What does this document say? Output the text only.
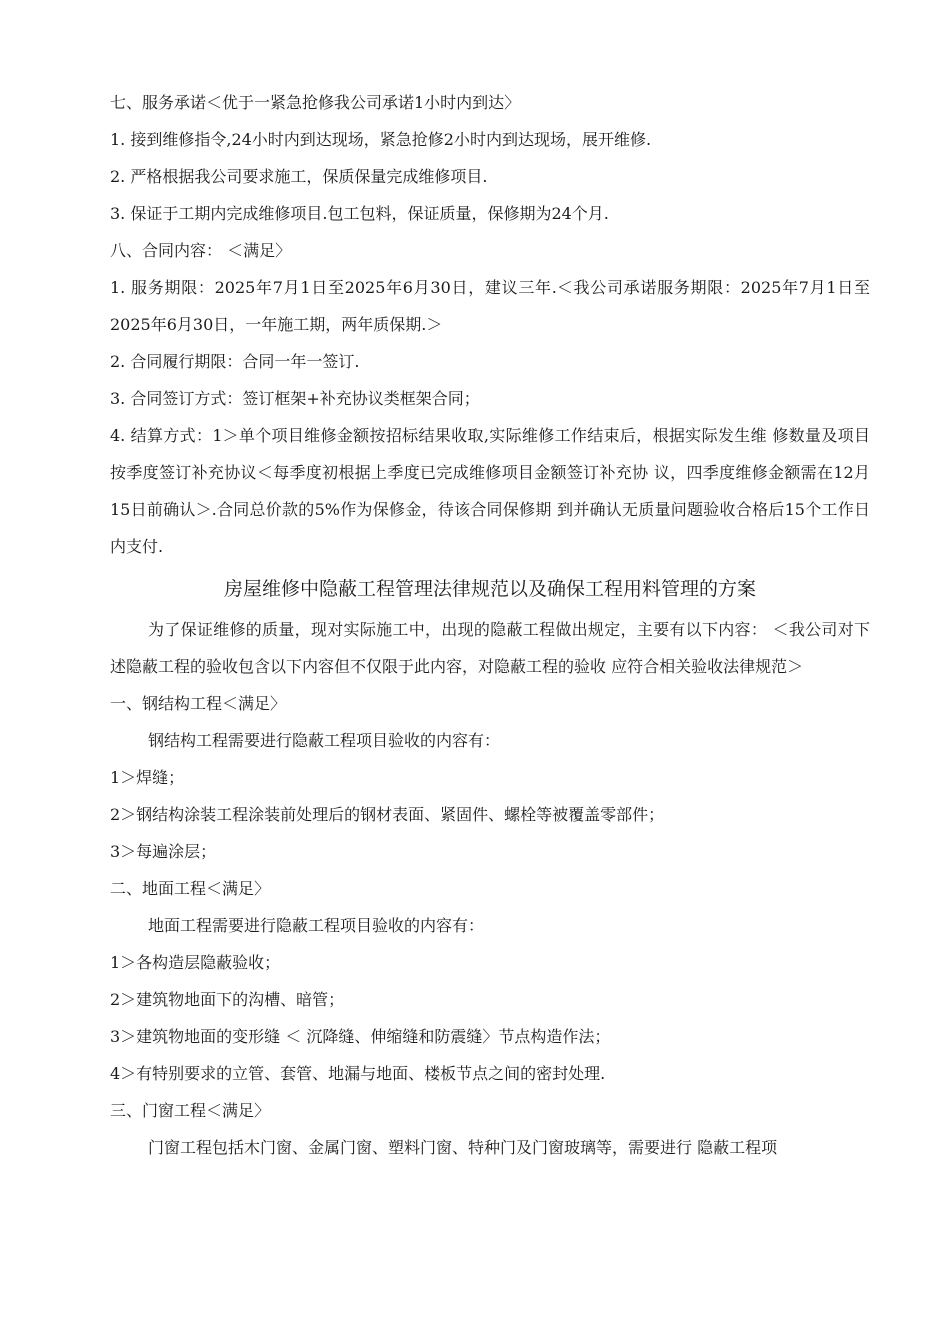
七、服务承诺＜优于一紧急抢修我公司承诺1小时内到达〉
1. 接到维修指令,24小时内到达现场，紧急抢修2小时内到达现场，展开维修.
2. 严格根据我公司要求施工，保质保量完成维修项目.
3. 保证于工期内完成维修项目.包工包料，保证质量，保修期为24个月.
八、合同内容： ＜满足〉
1. 服务期限：2025年7月1日至2025年6月30日，建议三年.＜我公司承诺服务期限：2025年7月1日至2025年6月30日，一年施工期，两年质保期.＞
2. 合同履行期限：合同一年一签订.
3. 合同签订方式：签订框架+补充协议类框架合同；
4. 结算方式：1＞单个项目维修金额按招标结果收取,实际维修工作结束后，根据实际发生维 修数量及项目按季度签订补充协议＜每季度初根据上季度已完成维修项目金额签订补充协 议，四季度维修金额需在12月15日前确认＞.合同总价款的5%作为保修金，待该合同保修期 到并确认无质量问题验收合格后15个工作日内支付.
房屋维修中隐蔽工程管理法律规范以及确保工程用料管理的方案
为了保证维修的质量，现对实际施工中，出现的隐蔽工程做出规定，主要有以下内容： ＜我公司对下述隐蔽工程的验收包含以下内容但不仅限于此内容，对隐蔽工程的验收 应符合相关验收法律规范＞
一、钢结构工程＜满足〉
钢结构工程需要进行隐蔽工程项目验收的内容有：
1＞焊缝；
2＞钢结构涂装工程涂装前处理后的钢材表面、紧固件、螺栓等被覆盖零部件；
3＞每遍涂层；
二、地面工程＜满足〉
地面工程需要进行隐蔽工程项目验收的内容有：
1＞各构造层隐蔽验收；
2＞建筑物地面下的沟槽、暗管；
3＞建筑物地面的变形缝 ＜ 沉降缝、伸缩缝和防震缝〉节点构造作法；
4＞有特别要求的立管、套管、地漏与地面、楼板节点之间的密封处理.
三、门窗工程＜满足〉
门窗工程包括木门窗、金属门窗、塑料门窗、特种门及门窗玻璃等，需要进行 隐蔽工程项
